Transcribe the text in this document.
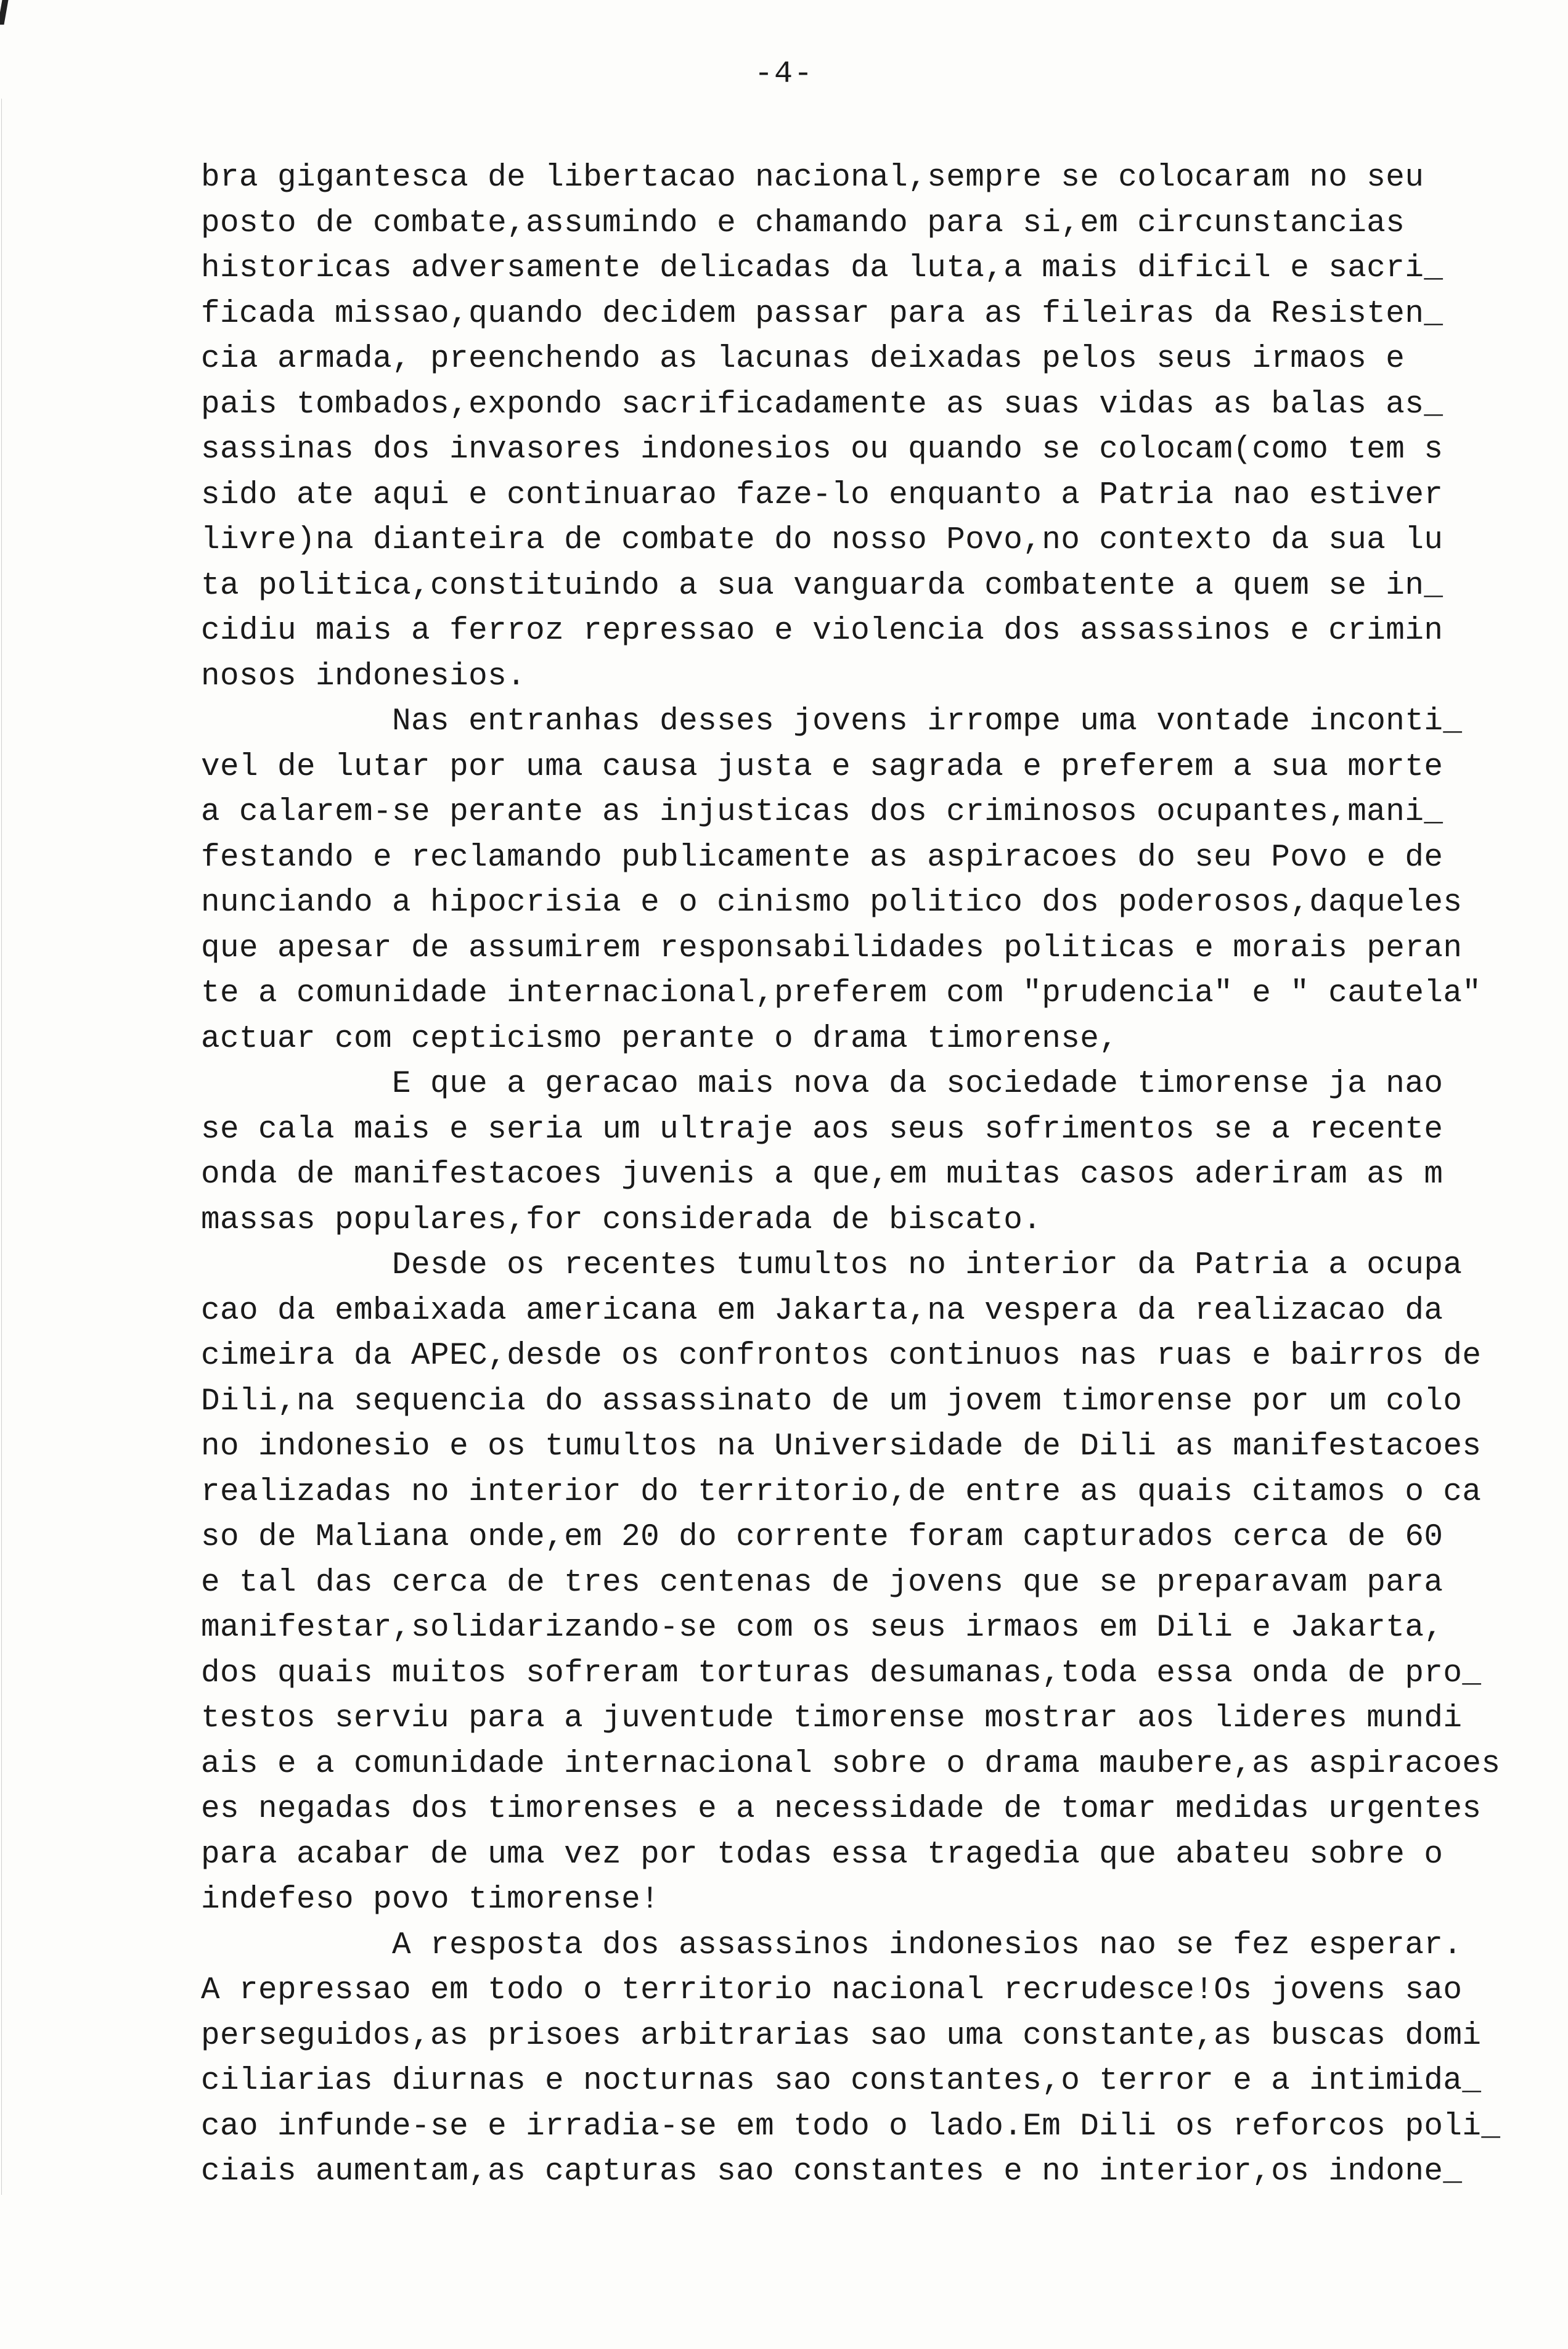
-4-
bra gigantesca de libertacao nacional,sempre se colocaram no seu
posto de combate,assumindo e chamando para si,em circunstancias
historicas adversamente delicadas da luta,a mais dificil e sacri_
ficada missao,quando decidem passar para as fileiras da Resisten_
cia armada, preenchendo as lacunas deixadas pelos seus irmaos e
pais tombados,expondo sacrificadamente as suas vidas as balas as_
sassinas dos invasores indonesios ou quando se colocam(como tem s
sido ate aqui e continuarao faze-lo enquanto a Patria nao estiver
livre)na dianteira de combate do nosso Povo,no contexto da sua lu
ta politica,constituindo a sua vanguarda combatente a quem se in_
cidiu mais a ferroz repressao e violencia dos assassinos e crimin
nosos indonesios.
Nas entranhas desses jovens irrompe uma vontade inconti_
vel de lutar por uma causa justa e sagrada e preferem a sua morte
a calarem-se perante as injusticas dos criminosos ocupantes,mani_
festando e reclamando publicamente as aspiracoes do seu Povo e de
nunciando a hipocrisia e o cinismo politico dos poderosos,daqueles
que apesar de assumirem responsabilidades politicas e morais peran
te a comunidade internacional,preferem com "prudencia" e " cautela"
actuar com cepticismo perante o drama timorense,
E que a geracao mais nova da sociedade timorense ja nao
se cala mais e seria um ultraje aos seus sofrimentos se a recente
onda de manifestacoes juvenis a que,em muitas casos aderiram as m
massas populares,for considerada de biscato.
Desde os recentes tumultos no interior da Patria a ocupa
cao da embaixada americana em Jakarta,na vespera da realizacao da
cimeira da APEC,desde os confrontos continuos nas ruas e bairros de
Dili,na sequencia do assassinato de um jovem timorense por um colo
no indonesio e os tumultos na Universidade de Dili as manifestacoes
realizadas no interior do territorio,de entre as quais citamos o ca
so de Maliana onde,em 20 do corrente foram capturados cerca de 60
e tal das cerca de tres centenas de jovens que se preparavam para
manifestar,solidarizando-se com os seus irmaos em Dili e Jakarta,
dos quais muitos sofreram torturas desumanas,toda essa onda de pro_
testos serviu para a juventude timorense mostrar aos lideres mundi
ais e a comunidade internacional sobre o drama maubere,as aspiracoes
es negadas dos timorenses e a necessidade de tomar medidas urgentes
para acabar de uma vez por todas essa tragedia que abateu sobre o
indefeso povo timorense!
A resposta dos assassinos indonesios nao se fez esperar.
A repressao em todo o territorio nacional recrudesce!Os jovens sao
perseguidos,as prisoes arbitrarias sao uma constante,as buscas domi
ciliarias diurnas e nocturnas sao constantes,o terror e a intimida_
cao infunde-se e irradia-se em todo o lado.Em Dili os reforcos poli_
ciais aumentam,as capturas sao constantes e no interior,os indone_
